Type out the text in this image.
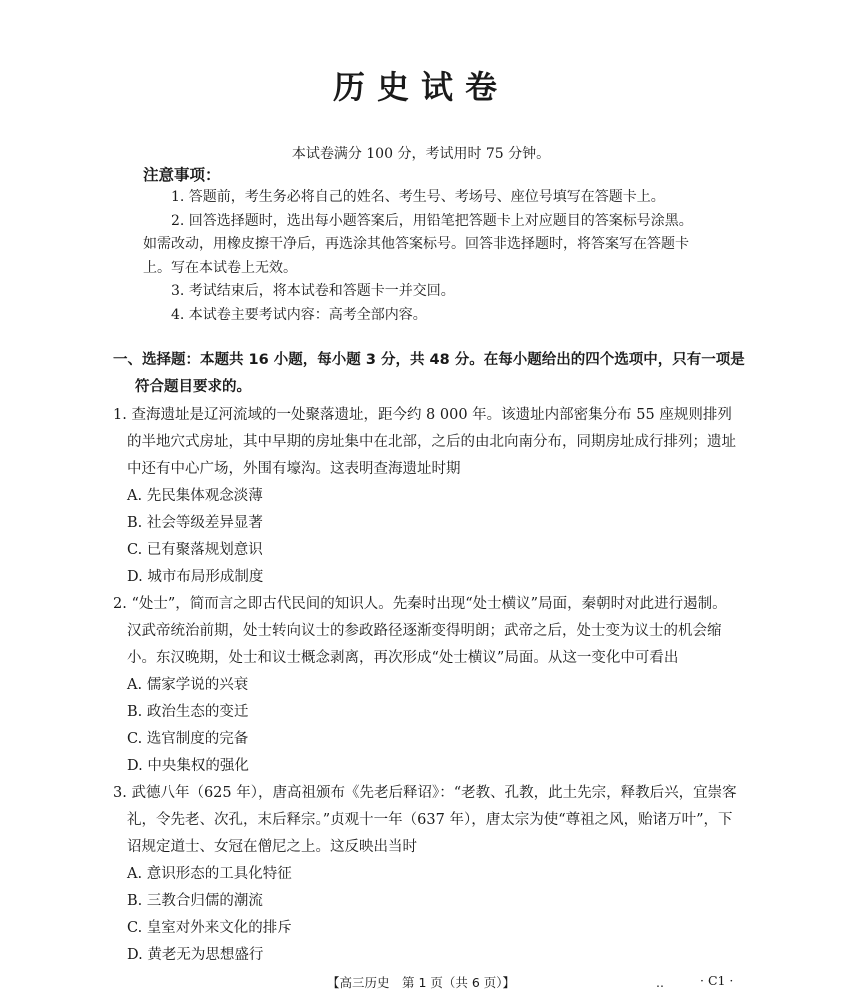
历史试卷
本试卷满分 100 分，考试用时 75 分钟。
注意事项：
1. 答题前，考生务必将自己的姓名、考生号、考场号、座位号填写在答题卡上。
2. 回答选择题时，选出每小题答案后，用铅笔把答题卡上对应题目的答案标号涂黑。如需改动，用橡皮擦干净后，再选涂其他答案标号。回答非选择题时，将答案写在答题卡上。写在本试卷上无效。
3. 考试结束后，将本试卷和答题卡一并交回。
4. 本试卷主要考试内容：高考全部内容。
一、选择题：本题共 16 小题，每小题 3 分，共 48 分。在每小题给出的四个选项中，只有一项是符合题目要求的。

1. 查海遗址是辽河流域的一处聚落遗址，距今约 8 000 年。该遗址内部密集分布 55 座规则排列的半地穴式房址，其中早期的房址集中在北部，之后的由北向南分布，同期房址成行排列；遗址中还有中心广场，外围有壕沟。这表明查海遗址时期

A. 先民集体观念淡薄

B. 社会等级差异显著

C. 已有聚落规划意识

D. 城市布局形成制度

2. “处士”，简而言之即古代民间的知识人。先秦时出现“处士横议”局面，秦朝时对此进行遏制。汉武帝统治前期，处士转向议士的参政路径逐渐变得明朗；武帝之后，处士变为议士的机会缩小。东汉晚期，处士和议士概念剥离，再次形成“处士横议”局面。从这一变化中可看出

A. 儒家学说的兴衰

B. 政治生态的变迁

C. 选官制度的完备

D. 中央集权的强化

3. 武德八年（625 年），唐高祖颁布《先老后释诏》：“老教、孔教，此土先宗，释教后兴，宜崇客礼，令先老、次孔，末后释宗。”贞观十一年（637 年），唐太宗为使“尊祖之风，贻诸万叶”，下诏规定道士、女冠在僧尼之上。这反映出当时

A. 意识形态的工具化特征

B. 三教合归儒的潮流

C. 皇室对外来文化的排斥

D. 黄老无为思想盛行

【高三历史　第 1 页（共 6 页）】	..	· C1 ·
